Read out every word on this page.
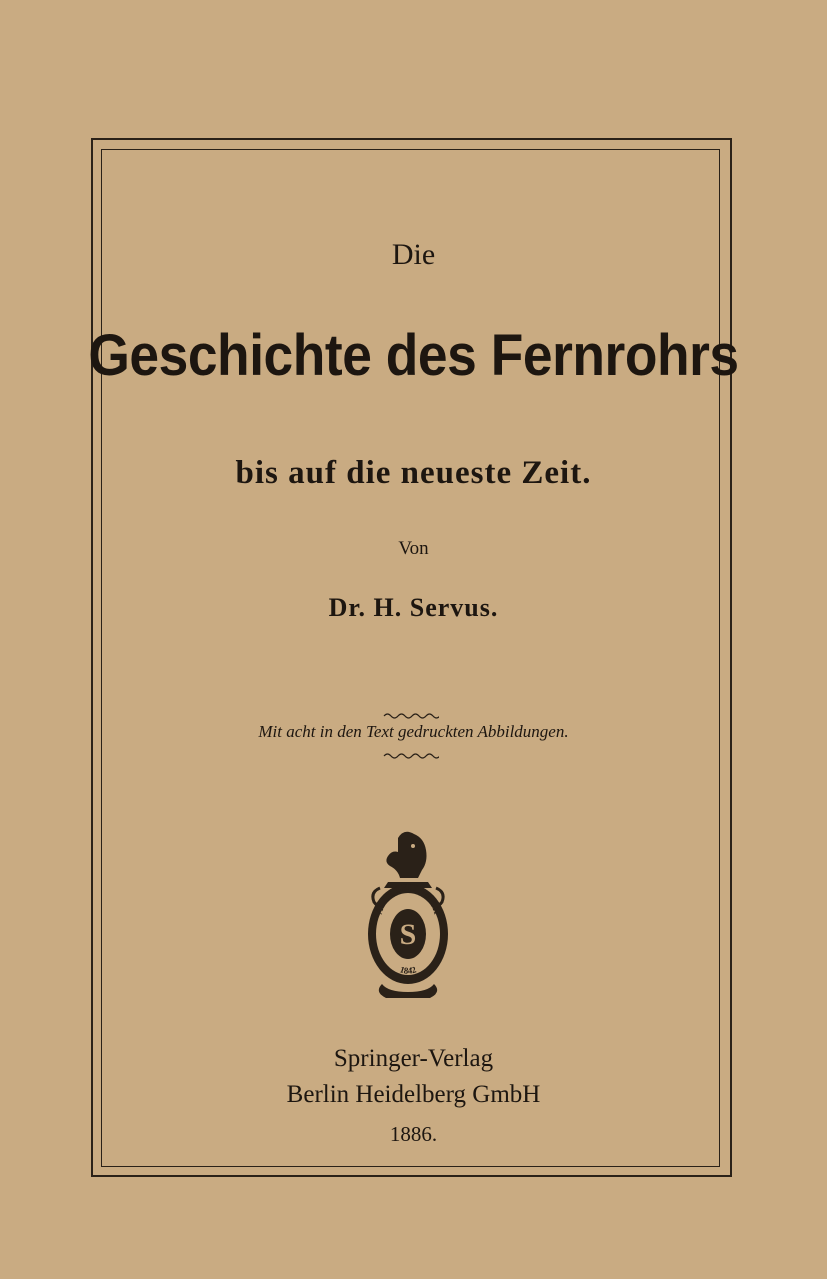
Die
Geschichte des Fernrohrs
bis auf die neueste Zeit.
Von
Dr. H. Servus.
Mit acht in den Text gedruckten Abbildungen.
S
ALLE ZEIT WACH
1842
Springer-Verlag
Berlin Heidelberg GmbH
1886.
